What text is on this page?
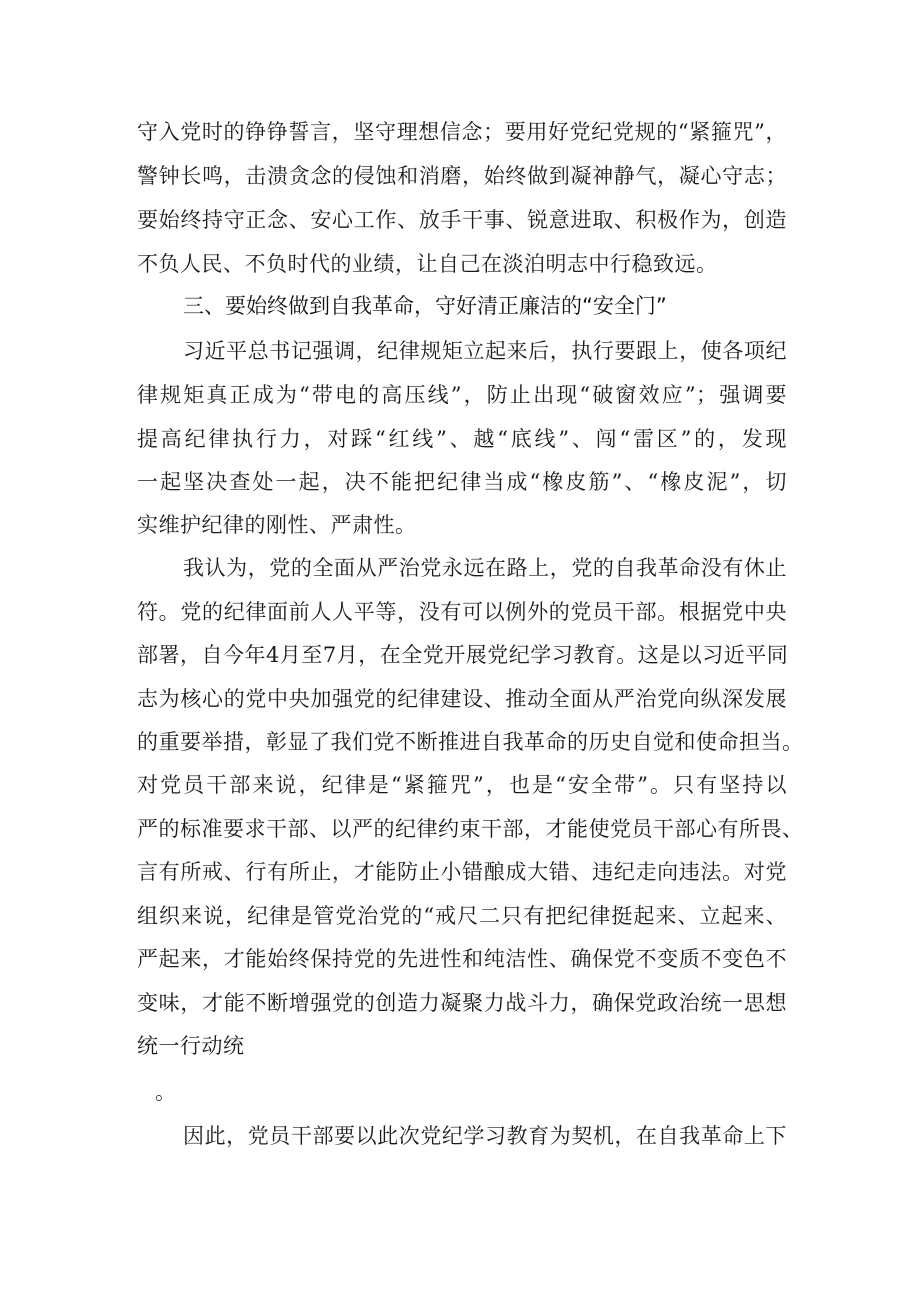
守入党时的铮铮誓言，坚守理想信念；要用好党纪党规的“紧箍咒”，
警钟长鸣，击溃贪念的侵蚀和消磨，始终做到凝神静气，凝心守志；
要始终持守正念、安心工作、放手干事、锐意进取、积极作为，创造
不负人民、不负时代的业绩，让自己在淡泊明志中行稳致远。
三、要始终做到自我革命，守好清正廉洁的“安全门”
习近平总书记强调，纪律规矩立起来后，执行要跟上，使各项纪
律规矩真正成为“带电的高压线”，防止出现“破窗效应”；强调要
提高纪律执行力，对踩“红线”、越“底线”、闯“雷区”的，发现
一起坚决查处一起，决不能把纪律当成“橡皮筋”、“橡皮泥”，切
实维护纪律的刚性、严肃性。
我认为，党的全面从严治党永远在路上，党的自我革命没有休止
符。党的纪律面前人人平等，没有可以例外的党员干部。根据党中央
部署，自今年4月至7月，在全党开展党纪学习教育。这是以习近平同
志为核心的党中央加强党的纪律建设、推动全面从严治党向纵深发展
的重要举措，彰显了我们党不断推进自我革命的历史自觉和使命担当。
对党员干部来说，纪律是“紧箍咒”，也是“安全带”。只有坚持以
严的标准要求干部、以严的纪律约束干部，才能使党员干部心有所畏、
言有所戒、行有所止，才能防止小错酿成大错、违纪走向违法。对党
组织来说，纪律是管党治党的“戒尺二只有把纪律挺起来、立起来、
严起来，才能始终保持党的先进性和纯洁性、确保党不变质不变色不
变味，才能不断增强党的创造力凝聚力战斗力，确保党政治统一思想
统一行动统
。
因此，党员干部要以此次党纪学习教育为契机，在自我革命上下
